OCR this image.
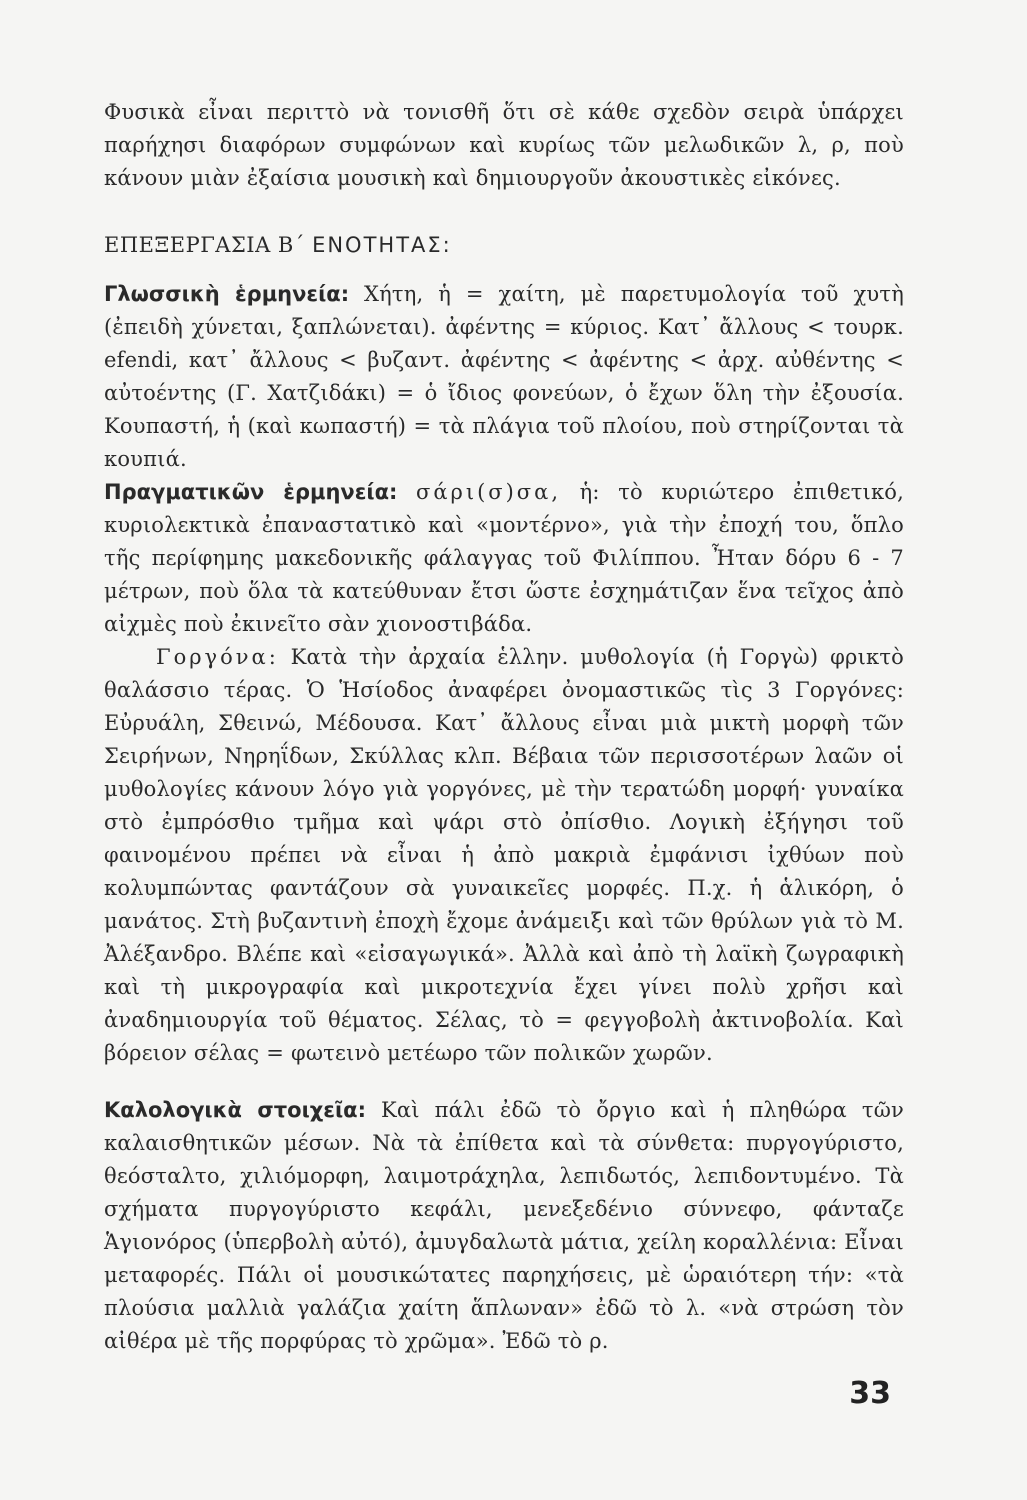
Φυσικὰ εἶναι περιττὸ νὰ τονισθῆ ὅτι σὲ κάθε σχεδὸν σειρὰ ὑπάρχει παρήχησι διαφόρων συμφώνων καὶ κυρίως τῶν μελωδικῶν λ, ρ, ποὺ κάνουν μιὰν ἐξαίσια μουσικὴ καὶ δημιουργοῦν ἀκουστικὲς εἰκόνες.

ΕΠΕΞΕΡΓΑΣΙΑ Β΄ ΕΝΟΤΗΤΑΣ:

Γλωσσικὴ ἑρμηνεία: Χήτη, ἡ = χαίτη, μὲ παρετυμολογία τοῦ χυτὴ (ἐπειδὴ χύνεται, ξαπλώνεται). ἀφέντης = κύριος. Κατ᾿ ἄλλους < τουρκ. efendi, κατ᾿ ἄλλους < βυζαντ. ἀφέντης < ἀφέντης < ἀρχ. αὐθέντης < αὐτοέντης (Γ. Χατζιδάκι) = ὁ ἴδιος φονεύων, ὁ ἔχων ὅλη τὴν ἐξουσία. Κουπαστή, ἡ (καὶ κωπαστή) = τὰ πλάγια τοῦ πλοίου, ποὺ στηρίζονται τὰ κουπιά.

Πραγματικῶν ἑρμηνεία: σάρι(σ)σα, ἡ: τὸ κυριώτερο ἐπιθετικό, κυριολεκτικὰ ἐπαναστατικὸ καὶ «μοντέρνο», γιὰ τὴν ἐποχή του, ὅπλο τῆς περίφημης μακεδονικῆς φάλαγγας τοῦ Φιλίππου. Ἦταν δόρυ 6 - 7 μέτρων, ποὺ ὅλα τὰ κατεύθυναν ἔτσι ὥστε ἐσχημάτιζαν ἕνα τεῖχος ἀπὸ αἰχμὲς ποὺ ἐκινεῖτο σὰν χιονοστιβάδα.

Γοργόνα: Κατὰ τὴν ἀρχαία ἑλλην. μυθολογία (ἡ Γοργὼ) φρικτὸ θαλάσσιο τέρας. Ὁ Ἡσίοδος ἀναφέρει ὀνομαστικῶς τὶς 3 Γοργόνες: Εὐρυάλη, Σθεινώ, Μέδουσα. Κατ᾿ ἄλλους εἶναι μιὰ μικτὴ μορφὴ τῶν Σειρήνων, Νηρηΐδων, Σκύλλας κλπ. Βέβαια τῶν περισσοτέρων λαῶν οἱ μυθολογίες κάνουν λόγο γιὰ γοργόνες, μὲ τὴν τερατώδη μορφή· γυναίκα στὸ ἐμπρόσθιο τμῆμα καὶ ψάρι στὸ ὀπίσθιο. Λογικὴ ἐξήγησι τοῦ φαινομένου πρέπει νὰ εἶναι ἡ ἀπὸ μακριὰ ἐμφάνισι ἰχθύων ποὺ κολυμπώντας φαντάζουν σὰ γυναικεῖες μορφές. Π.χ. ἡ ἁλικόρη, ὁ μανάτος. Στὴ βυζαντινὴ ἐποχὴ ἔχομε ἀνάμειξι καὶ τῶν θρύλων γιὰ τὸ Μ. Ἀλέξανδρο. Βλέπε καὶ «εἰσαγωγικά». Ἀλλὰ καὶ ἀπὸ τὴ λαϊκὴ ζωγραφικὴ καὶ τὴ μικρογραφία καὶ μικροτεχνία ἔχει γίνει πολὺ χρῆσι καὶ ἀναδημιουργία τοῦ θέματος. Σέλας, τὸ = φεγγοβολὴ ἀκτινοβολία. Καὶ βόρειον σέλας = φωτεινὸ μετέωρο τῶν πολικῶν χωρῶν.

Καλολογικὰ στοιχεῖα: Καὶ πάλι ἐδῶ τὸ ὄργιο καὶ ἡ πληθώρα τῶν καλαισθητικῶν μέσων. Νὰ τὰ ἐπίθετα καὶ τὰ σύνθετα: πυργογύριστο, θεόσταλτο, χιλιόμορφη, λαιμοτράχηλα, λεπιδωτός, λεπιδοντυμένο. Τὰ σχήματα πυργογύριστο κεφάλι, μενεξεδένιο σύννεφο, φάνταζε Ἁγιονόρος (ὑπερβολὴ αὐτό), ἀμυγδαλωτὰ μάτια, χείλη κοραλλένια: Εἶναι μεταφορές. Πάλι οἱ μουσικώτατες παρηχήσεις, μὲ ὡραιότερη τήν: «τὰ πλούσια μαλλιὰ γαλάζια χαίτη ἅπλωναν» ἐδῶ τὸ λ. «νὰ στρώση τὸν αἰθέρα μὲ τῆς πορφύρας τὸ χρῶμα». Ἐδῶ τὸ ρ.

33
